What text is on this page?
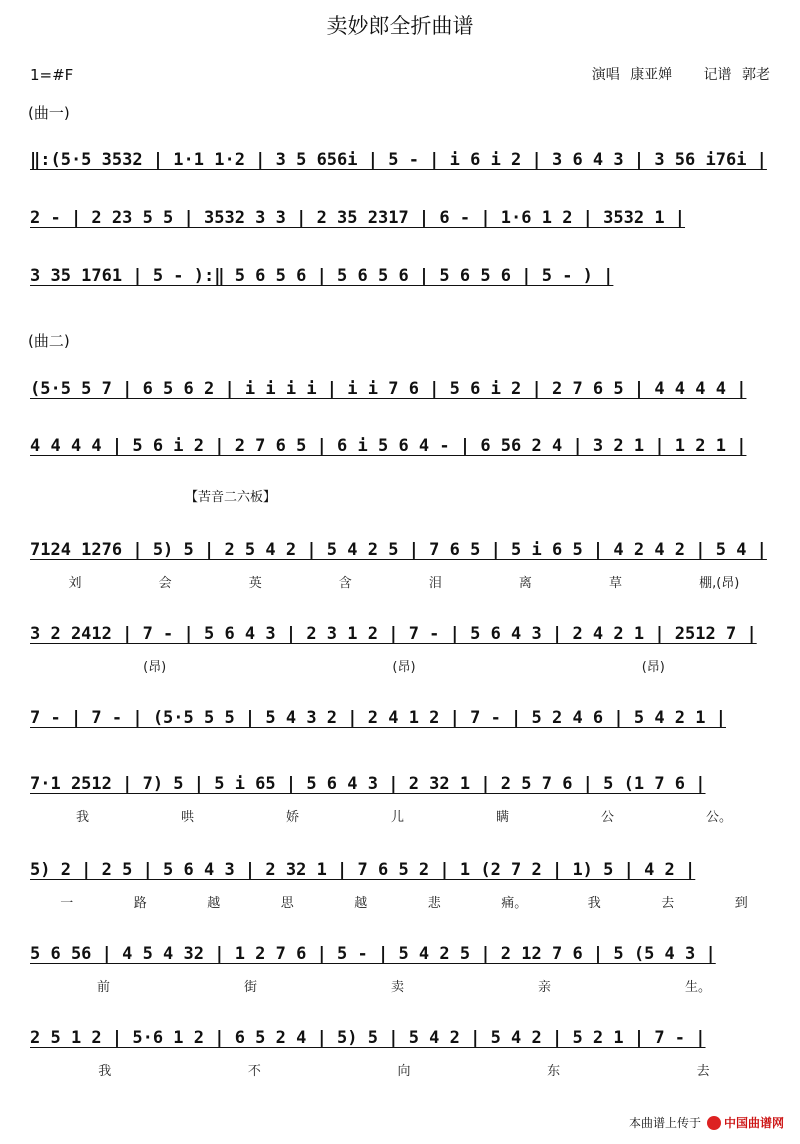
卖妙郎全折曲谱
1=#F	演唱 康亚婵 记谱 郭老
(曲一)
(曲二)
【苦音二六板】
‖:(5·5 3532 | 1·1 1·2 | 3 5 656i | 5 - | i 6 i 2 | 3 6 4 3 | 3 56 i76i |
2 - | 2 23 5 5 | 3532 3 3 | 2 35 2317 | 6 - | 1·6 1 2 | 3532 1 |
3 35 1761 | 5 - ):‖ 5 6 5 6 | 5 6 5 6 | 5 6 5 6 | 5 - ) |
(5·5 5 7 | 6 5 6 2 | i i i i | i i 7 6 | 5 6 i 2 | 2 7 6 5 | 4 4 4 4 |
4 4 4 4 | 5 6 i 2 | 2 7 6 5 | 6 i 5 6 4 - | 6 56 2 4 | 3 2 1 | 1 2 1 |
7124 1276 | 5) 5 | 2 5 4 2 | 5 4 2 5 | 7 6 5 | 5 i 6 5 | 4 2 4 2 | 5 4 |
刘	会	英	含	泪	离	草	棚,(昂)
3 2 2412 | 7 - | 5 6 4 3 | 2 3 1 2 | 7 - | 5 6 4 3 | 2 4 2 1 | 2512 7 |
(昂)	(昂)	(昂)
7 - | 7 - | (5·5 5 5 | 5 4 3 2 | 2 4 1 2 | 7 - | 5 2 4 6 | 5 4 2 1 |
7·1 2512 | 7) 5 | 5 i 65 | 5 6 4 3 | 2 32 1 | 2 5 7 6 | 5 (1 7 6 |
我	哄	娇	儿	瞒	公	公。
5) 2 | 2 5 | 5 6 4 3 | 2 32 1 | 7 6 5 2 | 1 (2 7 2 | 1) 5 | 4 2 |
一	路	越	思	越	悲	痛。	我	去	到
5 6 56 | 4 5 4 32 | 1 2 7 6 | 5 - | 5 4 2 5 | 2 12 7 6 | 5 (5 4 3 |
前	街	卖	亲	生。
2 5 1 2 | 5·6 1 2 | 6 5 2 4 | 5) 5 | 5 4 2 | 5 4 2 | 5 2 1 | 7 - |
我	不	向	东	去
本曲谱上传于 中国曲谱网
